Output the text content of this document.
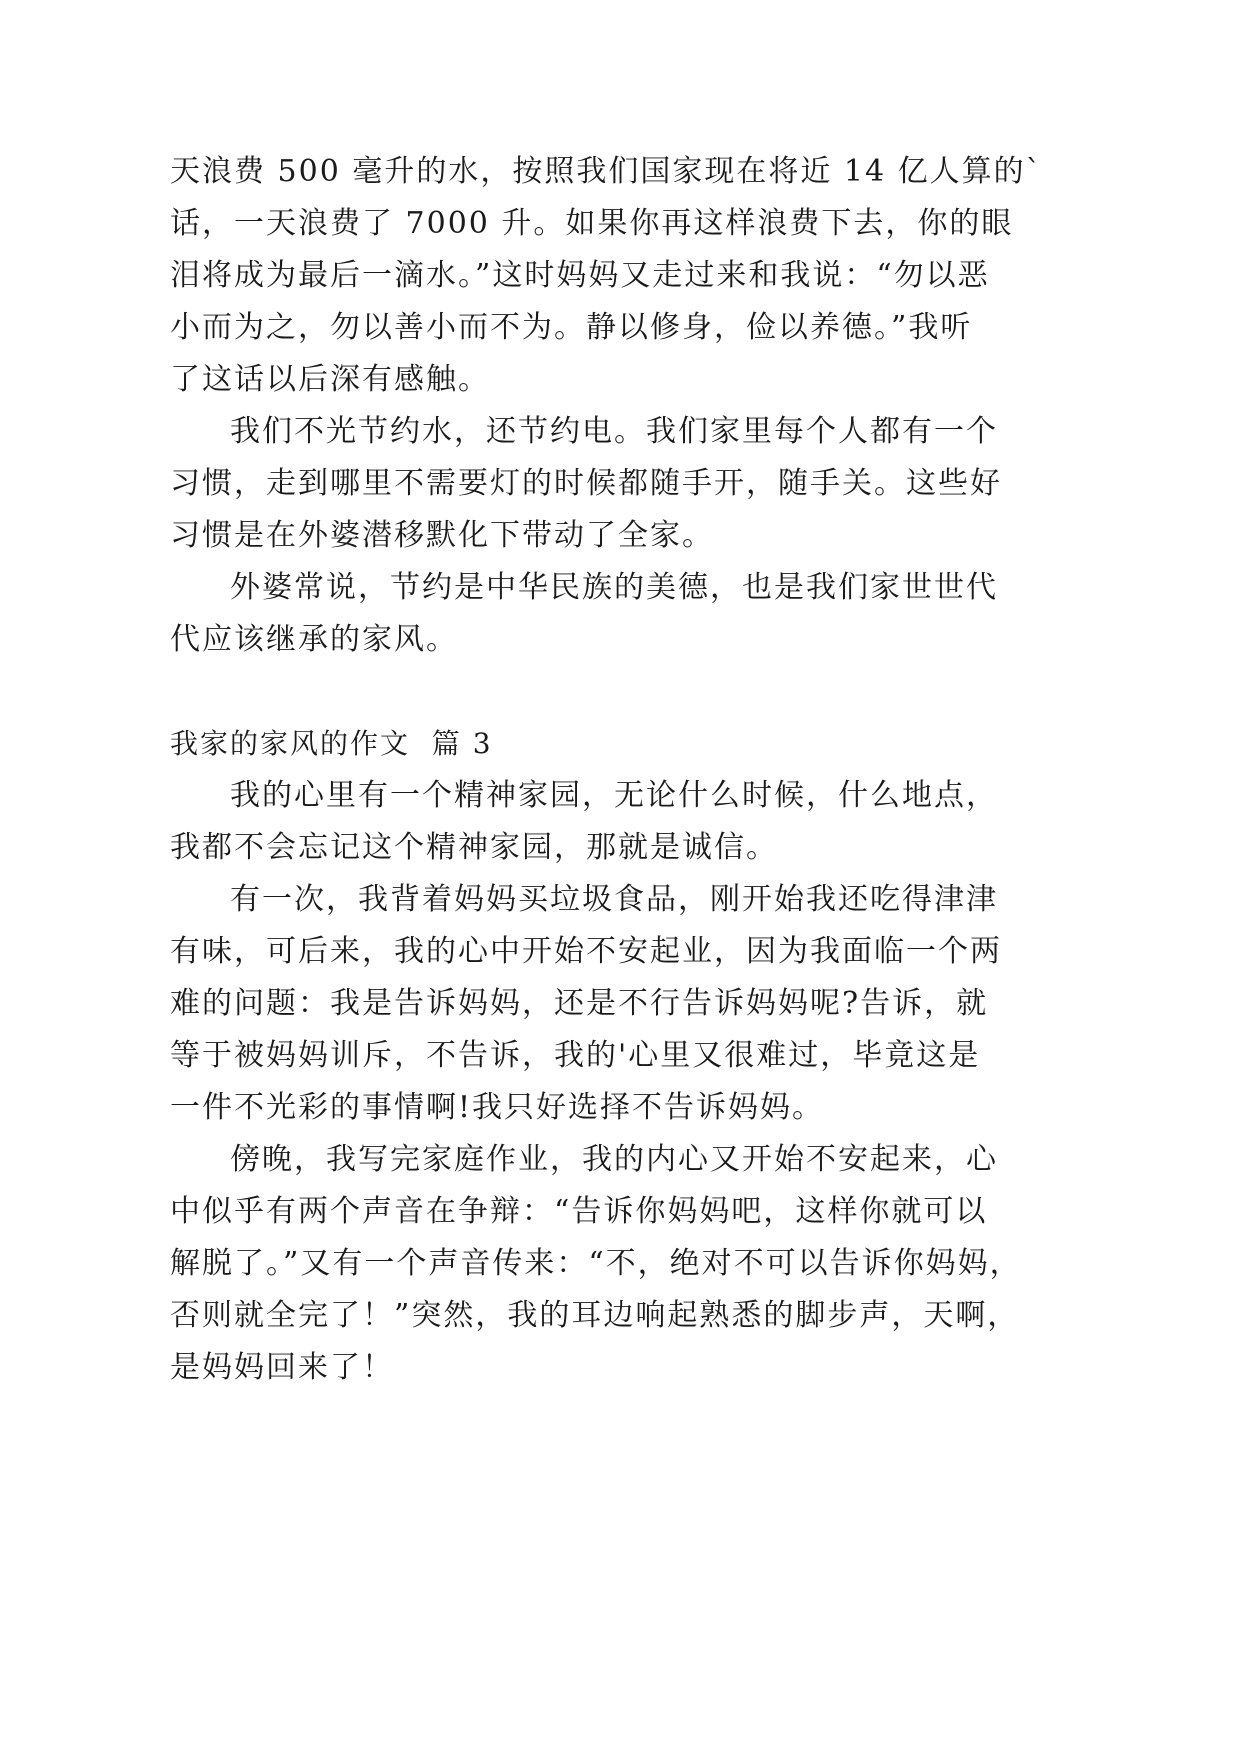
天浪费 500 毫升的水，按照我们国家现在将近 14 亿人算的`
话，一天浪费了 7000 升。如果你再这样浪费下去，你的眼
泪将成为最后一滴水。”这时妈妈又走过来和我说：“勿以恶
小而为之，勿以善小而不为。静以修身，俭以养德。”我听
了这话以后深有感触。
我们不光节约水，还节约电。我们家里每个人都有一个
习惯，走到哪里不需要灯的时候都随手开，随手关。这些好
习惯是在外婆潜移默化下带动了全家。
外婆常说，节约是中华民族的美德，也是我们家世世代
代应该继承的家风。
我家的家风的作文  篇 3
我的心里有一个精神家园，无论什么时候，什么地点，
我都不会忘记这个精神家园，那就是诚信。
有一次，我背着妈妈买垃圾食品，刚开始我还吃得津津
有味，可后来，我的心中开始不安起业，因为我面临一个两
难的问题：我是告诉妈妈，还是不行告诉妈妈呢?告诉，就
等于被妈妈训斥，不告诉，我的'心里又很难过，毕竟这是
一件不光彩的事情啊!我只好选择不告诉妈妈。
傍晚，我写完家庭作业，我的内心又开始不安起来，心
中似乎有两个声音在争辩：“告诉你妈妈吧，这样你就可以
解脱了。”又有一个声音传来：“不，绝对不可以告诉你妈妈，
否则就全完了！”突然，我的耳边响起熟悉的脚步声，天啊，
是妈妈回来了！
